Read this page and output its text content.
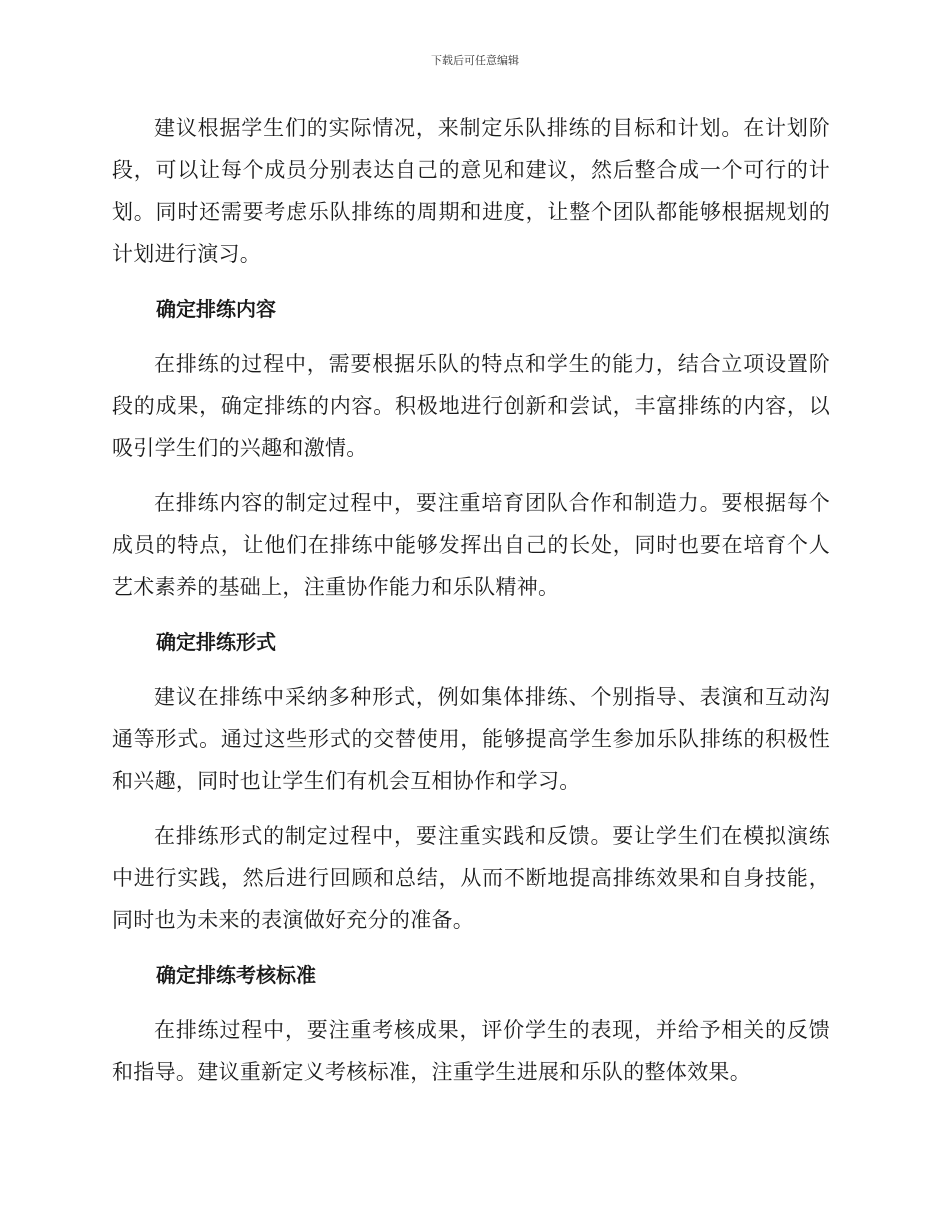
下载后可任意编辑

建议根据学生们的实际情况，来制定乐队排练的目标和计划。在计划阶段，可以让每个成员分别表达自己的意见和建议，然后整合成一个可行的计划。同时还需要考虑乐队排练的周期和进度，让整个团队都能够根据规划的计划进行演习。

确定排练内容

在排练的过程中，需要根据乐队的特点和学生的能力，结合立项设置阶段的成果，确定排练的内容。积极地进行创新和尝试，丰富排练的内容，以吸引学生们的兴趣和激情。

在排练内容的制定过程中，要注重培育团队合作和制造力。要根据每个成员的特点，让他们在排练中能够发挥出自己的长处，同时也要在培育个人艺术素养的基础上，注重协作能力和乐队精神。

确定排练形式

建议在排练中采纳多种形式，例如集体排练、个别指导、表演和互动沟通等形式。通过这些形式的交替使用，能够提高学生参加乐队排练的积极性和兴趣，同时也让学生们有机会互相协作和学习。

在排练形式的制定过程中，要注重实践和反馈。要让学生们在模拟演练中进行实践，然后进行回顾和总结，从而不断地提高排练效果和自身技能，同时也为未来的表演做好充分的准备。

确定排练考核标准

在排练过程中，要注重考核成果，评价学生的表现，并给予相关的反馈和指导。建议重新定义考核标准，注重学生进展和乐队的整体效果。
